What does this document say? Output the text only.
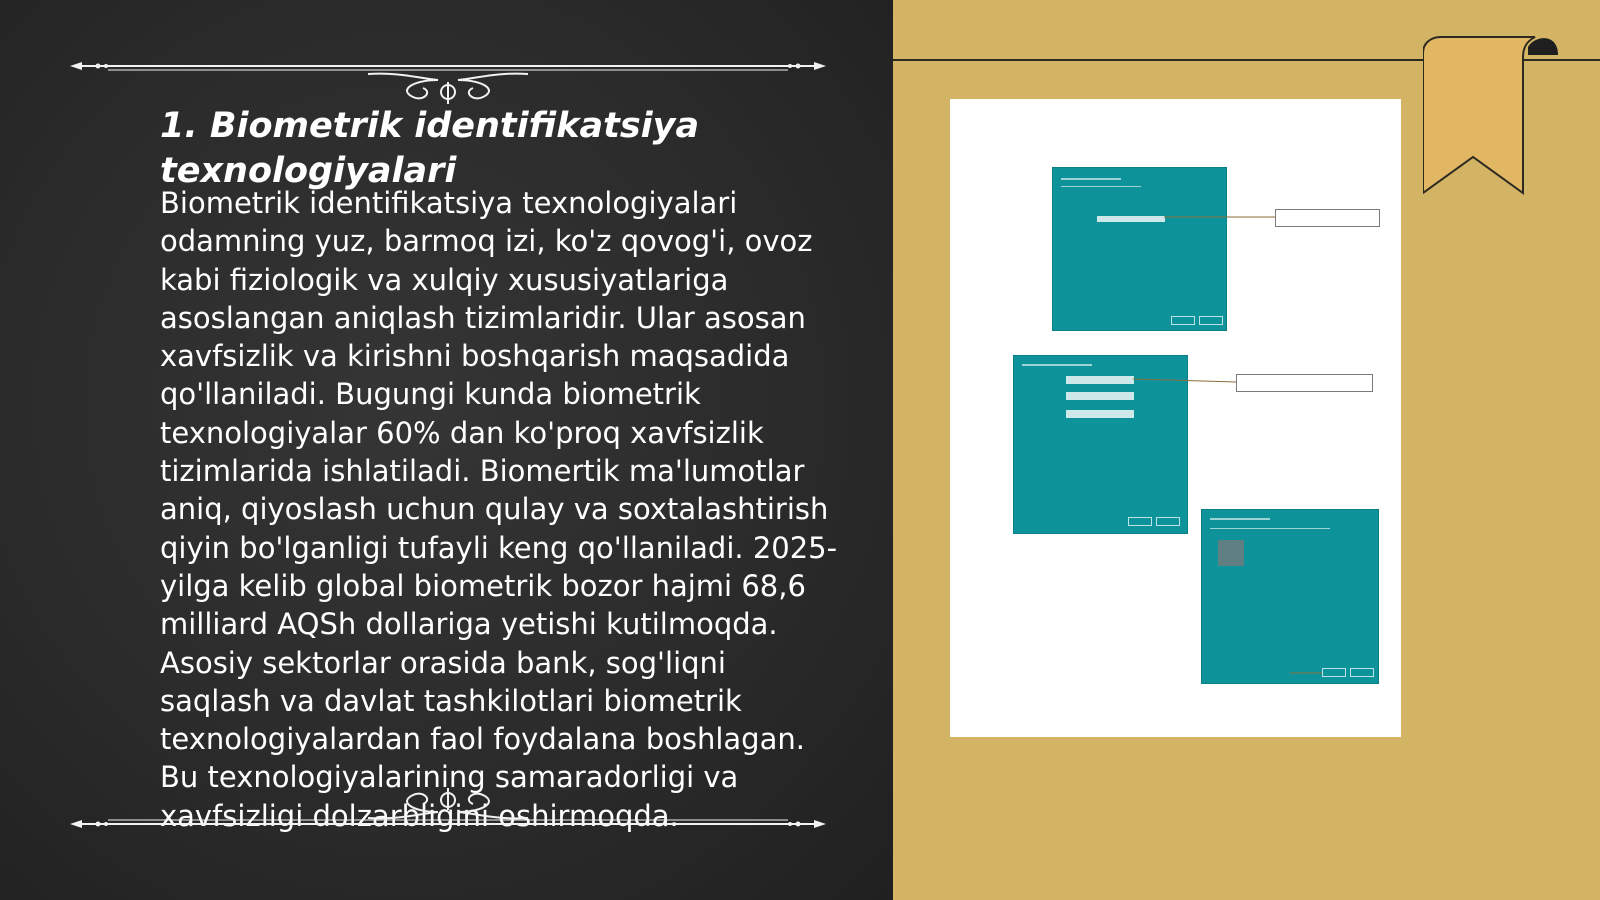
1. Biometrik identifikatsiya texnologiyalari

Biometrik identifikatsiya texnologiyalari odamning yuz, barmoq izi, ko'z qovog'i, ovoz kabi fiziologik va xulqiy xususiyatlariga asoslangan aniqlash tizimlaridir. Ular asosan xavfsizlik va kirishni boshqarish maqsadida qo'llaniladi. Bugungi kunda biometrik texnologiyalar 60% dan ko'proq xavfsizlik tizimlarida ishlatiladi. Biomertik ma'lumotlar aniq, qiyoslash uchun qulay va soxtalashtirish qiyin bo'lganligi tufayli keng qo'llaniladi. 2025-yilga kelib global biometrik bozor hajmi 68,6 milliard AQSh dollariga yetishi kutilmoqda. Asosiy sektorlar orasida bank, sog'liqni saqlash va davlat tashkilotlari biometrik texnologiyalardan faol foydalana boshlagan. Bu texnologiyalarining samaradorligi va xavfsizligi dolzarbligini oshirmoqda.
